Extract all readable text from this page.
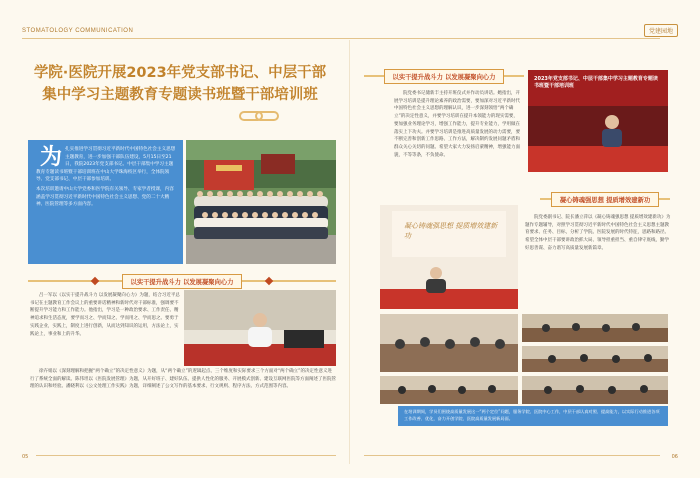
STOMATOLOGY COMMUNICATION	党建园地
学院·医院开展2023年党支部书记、中层干部
集中学习主题教育专题读书班暨干部培训班
为 扎实推进学习贯彻习近平新时代中国特色社会主义思想主题教育，进一步加强干部队伍建设，5月15日至21日，我院2023年党支部书记、中层干部集中学习主题教育专题读书班暨干部培训班在中山大学珠海校区举行，全体院领导、党支部书记、中层干部参加培训。

本次培训邀请中山大学党委和医学院有关领导、专家学者授课，内容涵盖学习贯彻习近平新时代中国特色社会主义思想、党的二十大精神、医院管理等多方面内容。

以实干提升战斗力 以发展凝聚向心力

吕一军以《以实干提升战斗力 以发展凝聚向心力》为题，结合习近平总书记在主题教育工作会议上的重要讲话精神和新时代对干部标准，强调要不断提升学习能力和工作能力。他指出，学习是一种政治要求、工作责任、精神追求和生活态度，要学而习之、学而知之、学而用之、学而思之。要勇于实践企业，实践上，制度上进行创新，从而达到知识的运用，方法论上，实践论上，事业和上的升华。

徐卉娟以《深刻理解和把握“两个确立”的决定性意义》为题，从“两个确立”的逻辑起点、三个维度和实际要求三个方面对“两个确立”的决定性意义进行了系统全面的解读。陈伟坦以《医院发展管理》为题，从开好班子、建好队伍、提供人性化的服务、开展模式创新、建设互联网医院等方面阐述了医院管理的认识和经验。潘晓利以《公文处理工作实践》为题，详细阐述了公文写作的基本要求、行文规则、程序方法、方式范围等内容。

以实干提升战斗力 以发展凝聚向心力

院党委书记储新丰主持开班仪式并作动员讲话。她指出，开展学习培训是提升理论素养的政治需要，要加深对习近平新时代中国特色社会主义思想的理解认识，进一步深刻领悟“两个确立”的决定性意义，并要学习培训在提升本领能力的现实需要，要加强业务理论学习，增强工作能力，提升专业能力，学用做在落实上下功夫。并要学习培训是推进高质量发展的动力需要，要不断完善和创新工作思路、工作方法，解决制约发展问题矛盾和群众关心关切的问题。希望大家大力发扬启蒙精神，增强能力面貌，不等等条，不负使命。

2023年党支部书记、中层干部集中学习主题教育专题读书班暨干部培训班
凝心铸魂强思想 提质增效建新功
凝心铸魂强思想 提质增效建新功

院党委副书记、院长潘立萍以《凝心铸魂强思想 提质增效建新功》为题作专题辅导，对照学习贯彻习近平新时代中国特色社会主义思想主题教育要求、任务、目标，分析了学院、医院发展的时代特征，思路和路径。希望全体中层干部要讲政治抓大局、领导担重担当、重自律守底线，勤学好思善谋、奋力谱写高质量发展新篇章。

在培训期间，学员们围绕高质量发展这一“两个定位”问题，服务学院、医院中心工作，中层干部认真对照、提高能力，以实际行动推进各项工作改善、优化，奋力开创学院、医院高质量发展新局面。
05	06
